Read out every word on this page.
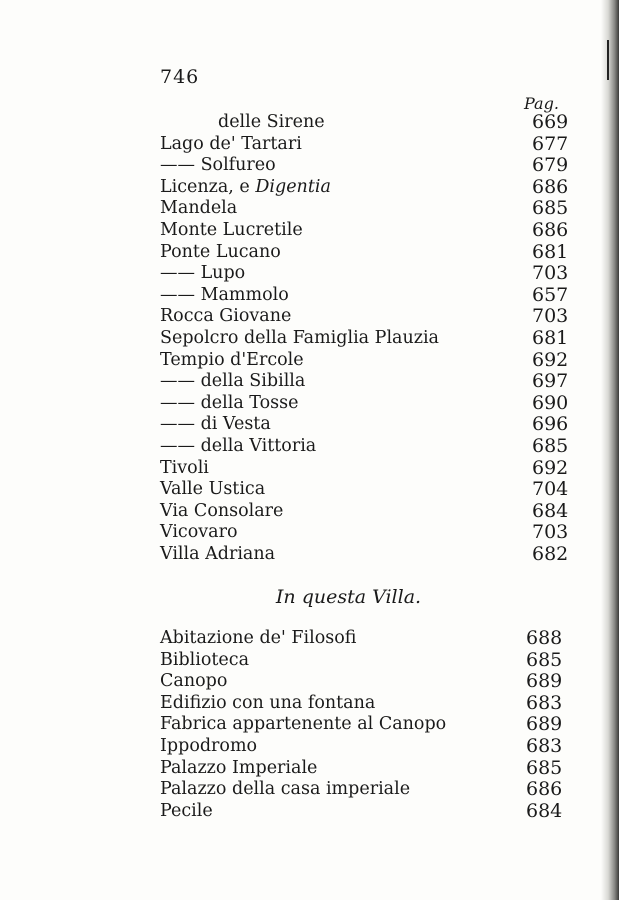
746
Pag.
delle Sirene	669
Lago de' Tartari	677
—— Solfureo	679
Licenza, e Digentia	686
Mandela	685
Monte Lucretile	686
Ponte Lucano	681
—— Lupo	703
—— Mammolo	657
Rocca Giovane	703
Sepolcro della Famiglia Plauzia	681
Tempio d'Ercole	692
—— della Sibilla	697
—— della Tosse	690
—— di Vesta	696
—— della Vittoria	685
Tivoli	692
Valle Ustica	704
Via Consolare	684
Vicovaro	703
Villa Adriana	682
In questa Villa.
Abitazione de' Filosofi	688
Biblioteca	685
Canopo	689
Edifizio con una fontana	683
Fabrica appartenente al Canopo	689
Ippodromo	683
Palazzo Imperiale	685
Palazzo della casa imperiale	686
Pecile	684
